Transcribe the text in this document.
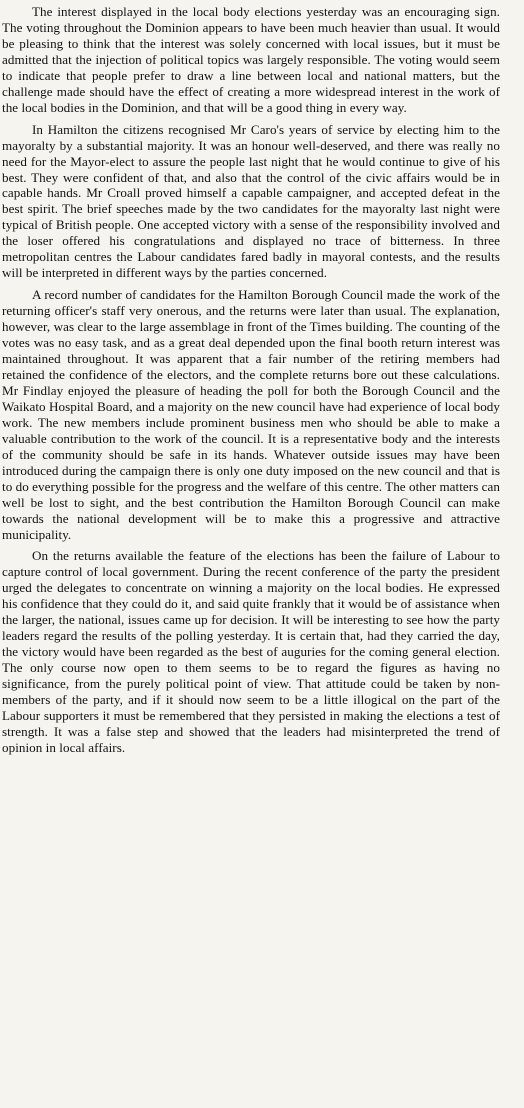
The interest displayed in the local body elections yesterday was an encouraging sign. The voting throughout the Dominion appears to have been much heavier than usual. It would be pleasing to think that the interest was solely concerned with local issues, but it must be admitted that the injection of political topics was largely responsible. The voting would seem to indicate that people prefer to draw a line between local and national matters, but the challenge made should have the effect of creating a more widespread interest in the work of the local bodies in the Dominion, and that will be a good thing in every way.

In Hamilton the citizens recognised Mr Caro's years of service by electing him to the mayoralty by a substantial majority. It was an honour well-deserved, and there was really no need for the Mayor-elect to assure the people last night that he would continue to give of his best. They were confident of that, and also that the control of the civic affairs would be in capable hands. Mr Croall proved himself a capable campaigner, and accepted defeat in the best spirit. The brief speeches made by the two candidates for the mayoralty last night were typical of British people. One accepted victory with a sense of the responsibility involved and the loser offered his congratulations and displayed no trace of bitterness. In three metropolitan centres the Labour candidates fared badly in mayoral contests, and the results will be interpreted in different ways by the parties concerned.

A record number of candidates for the Hamilton Borough Council made the work of the returning officer's staff very onerous, and the returns were later than usual. The explanation, however, was clear to the large assemblage in front of the Times building. The counting of the votes was no easy task, and as a great deal depended upon the final booth return interest was maintained throughout. It was apparent that a fair number of the retiring members had retained the confidence of the electors, and the complete returns bore out these calculations. Mr Findlay enjoyed the pleasure of heading the poll for both the Borough Council and the Waikato Hospital Board, and a majority on the new council have had experience of local body work. The new members include prominent business men who should be able to make a valuable contribution to the work of the council. It is a representative body and the interests of the community should be safe in its hands. Whatever outside issues may have been introduced during the campaign there is only one duty imposed on the new council and that is to do everything possible for the progress and the welfare of this centre. The other matters can well be lost to sight, and the best contribution the Hamilton Borough Council can make towards the national development will be to make this a progressive and attractive municipality.

On the returns available the feature of the elections has been the failure of Labour to capture control of local government. During the recent conference of the party the president urged the delegates to concentrate on winning a majority on the local bodies. He expressed his confidence that they could do it, and said quite frankly that it would be of assistance when the larger, the national, issues came up for decision. It will be interesting to see how the party leaders regard the results of the polling yesterday. It is certain that, had they carried the day, the victory would have been regarded as the best of auguries for the coming general election. The only course now open to them seems to be to regard the figures as having no significance, from the purely political point of view. That attitude could be taken by non-members of the party, and if it should now seem to be a little illogical on the part of the Labour supporters it must be remembered that they persisted in making the elections a test of strength. It was a false step and showed that the leaders had misinterpreted the trend of opinion in local affairs.
